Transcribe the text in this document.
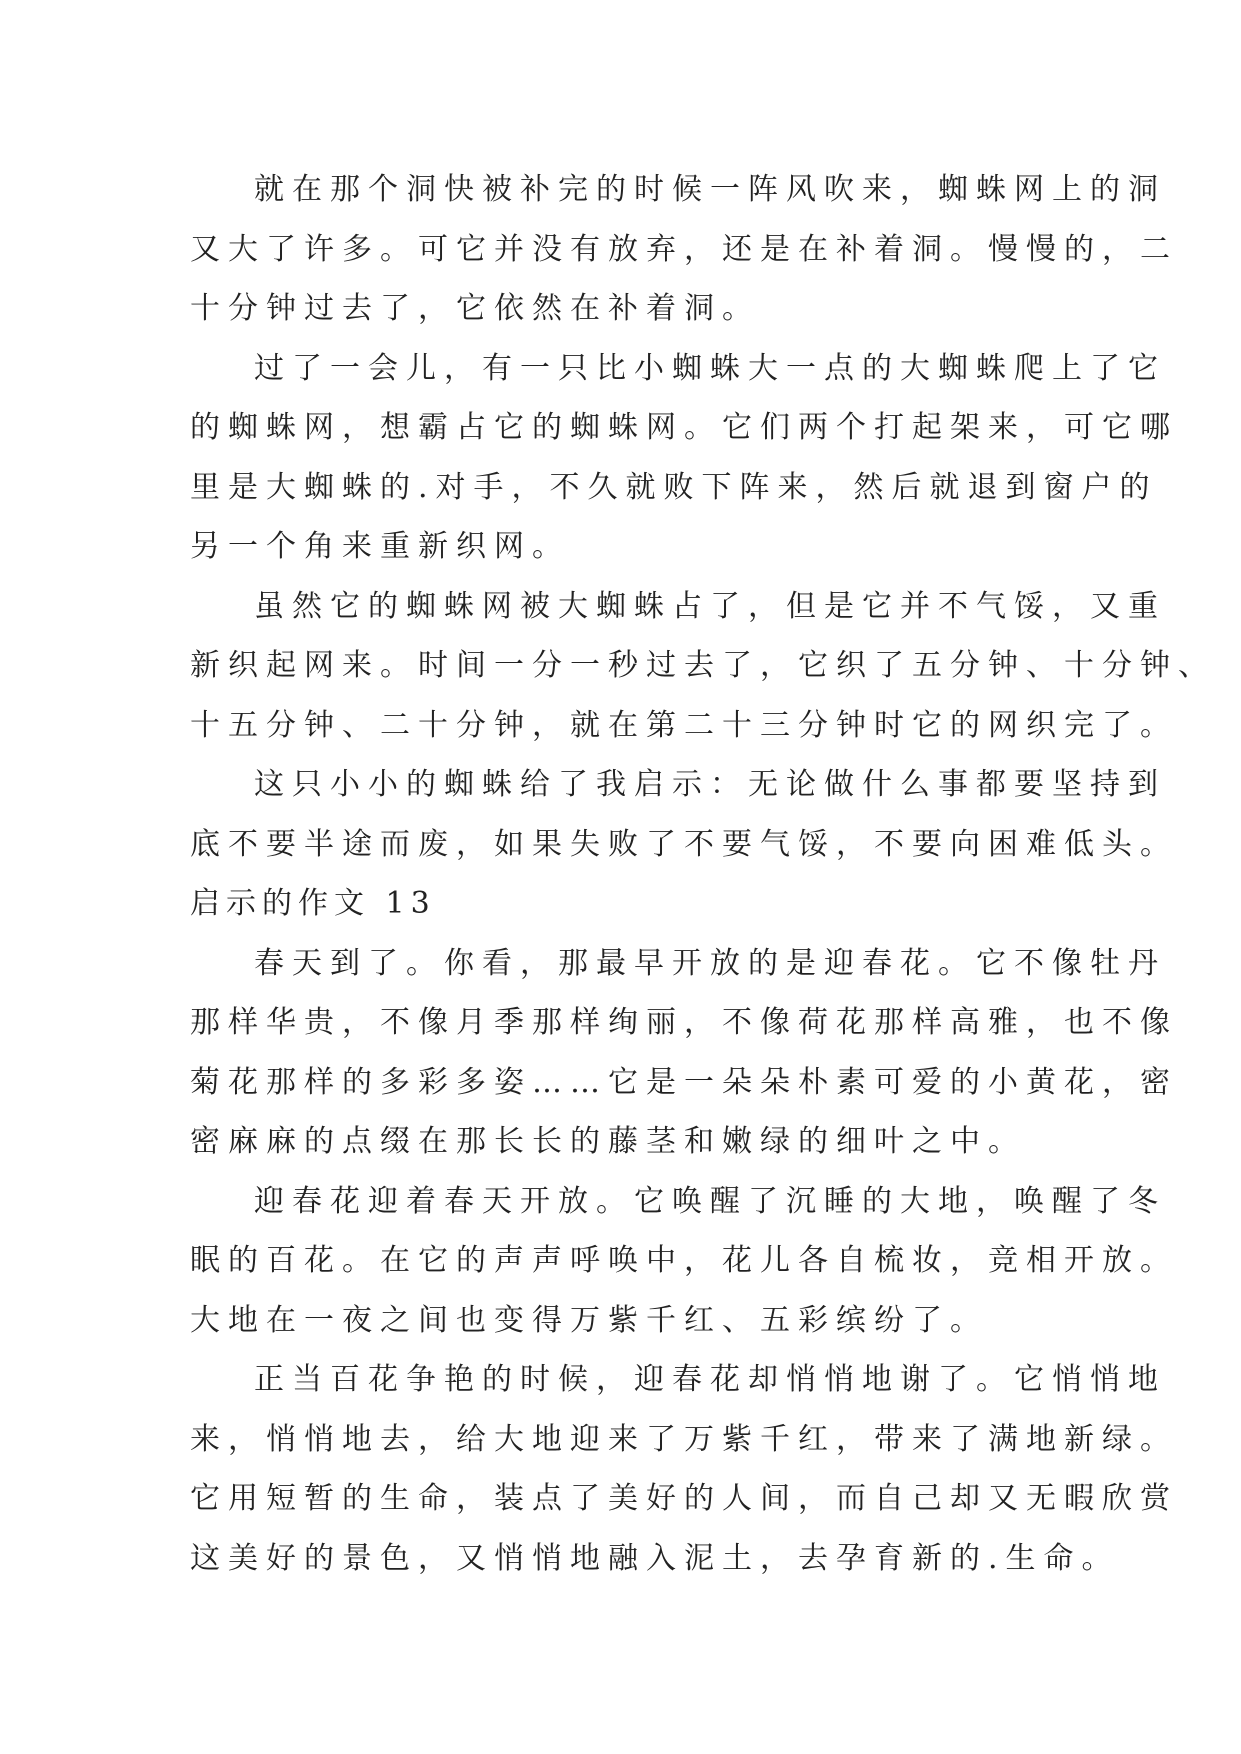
就在那个洞快被补完的时候一阵风吹来，蜘蛛网上的洞
又大了许多。可它并没有放弃，还是在补着洞。慢慢的，二
十分钟过去了，它依然在补着洞。
过了一会儿，有一只比小蜘蛛大一点的大蜘蛛爬上了它
的蜘蛛网，想霸占它的蜘蛛网。它们两个打起架来，可它哪
里是大蜘蛛的.对手，不久就败下阵来，然后就退到窗户的
另一个角来重新织网。
虽然它的蜘蛛网被大蜘蛛占了，但是它并不气馁，又重
新织起网来。时间一分一秒过去了，它织了五分钟、十分钟、
十五分钟、二十分钟，就在第二十三分钟时它的网织完了。
这只小小的蜘蛛给了我启示：无论做什么事都要坚持到
底不要半途而废，如果失败了不要气馁，不要向困难低头。
启示的作文 13
春天到了。你看，那最早开放的是迎春花。它不像牡丹
那样华贵，不像月季那样绚丽，不像荷花那样高雅，也不像
菊花那样的多彩多姿……它是一朵朵朴素可爱的小黄花，密
密麻麻的点缀在那长长的藤茎和嫩绿的细叶之中。
迎春花迎着春天开放。它唤醒了沉睡的大地，唤醒了冬
眠的百花。在它的声声呼唤中，花儿各自梳妆，竞相开放。
大地在一夜之间也变得万紫千红、五彩缤纷了。
正当百花争艳的时候，迎春花却悄悄地谢了。它悄悄地
来，悄悄地去，给大地迎来了万紫千红，带来了满地新绿。
它用短暂的生命，装点了美好的人间，而自己却又无暇欣赏
这美好的景色，又悄悄地融入泥土，去孕育新的.生命。
